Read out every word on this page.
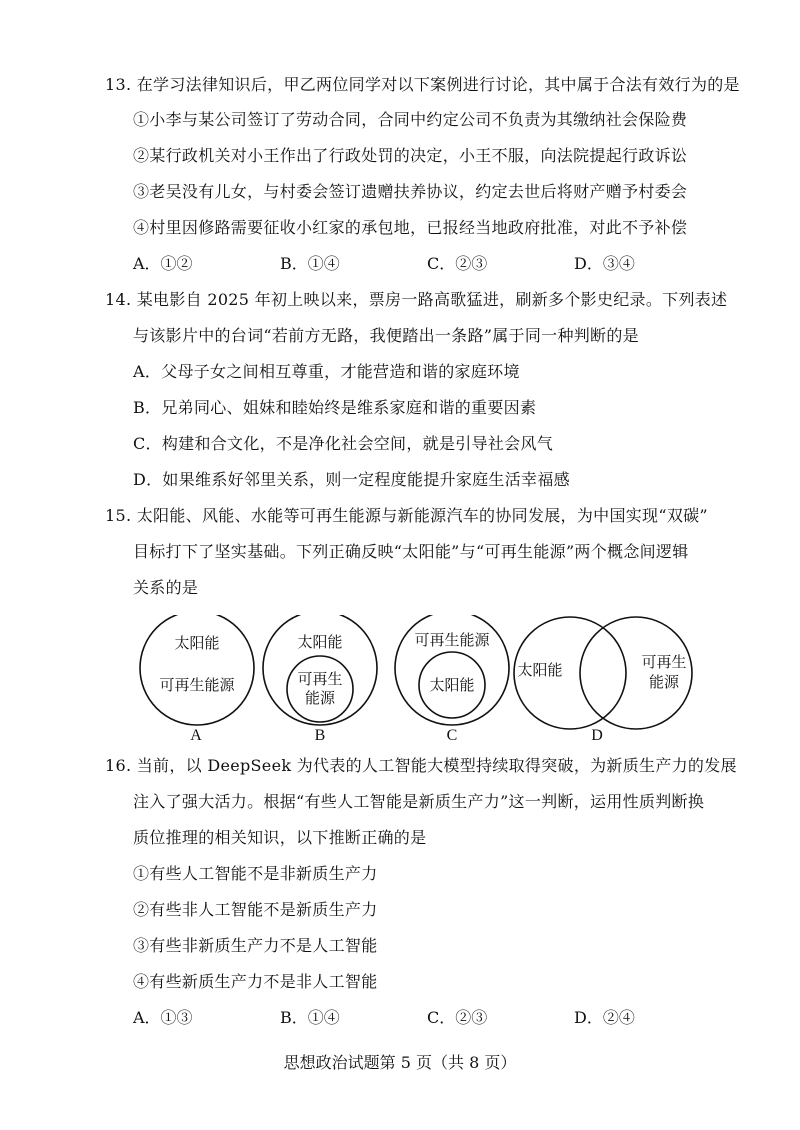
13. 在学习法律知识后，甲乙两位同学对以下案例进行讨论，其中属于合法有效行为的是
①小李与某公司签订了劳动合同，合同中约定公司不负责为其缴纳社会保险费
②某行政机关对小王作出了行政处罚的决定，小王不服，向法院提起行政诉讼
③老吴没有儿女，与村委会签订遗赠扶养协议，约定去世后将财产赠予村委会
④村里因修路需要征收小红家的承包地，已报经当地政府批准，对此不予补偿
A．①②	B．①④	C．②③	D．③④
14. 某电影自 2025 年初上映以来，票房一路高歌猛进，刷新多个影史纪录。下列表述
与该影片中的台词“若前方无路，我便踏出一条路”属于同一种判断的是
A．父母子女之间相互尊重，才能营造和谐的家庭环境
B．兄弟同心、姐妹和睦始终是维系家庭和谐的重要因素
C．构建和合文化，不是净化社会空间，就是引导社会风气
D．如果维系好邻里关系，则一定程度能提升家庭生活幸福感
15. 太阳能、风能、水能等可再生能源与新能源汽车的协同发展，为中国实现“双碳”
目标打下了坚实基础。下列正确反映“太阳能”与“可再生能源”两个概念间逻辑
关系的是
太阳能
可再生能源
A
太阳能
可再生
能源
B
可再生能源
太阳能
C
太阳能	可再生
能源
D
16. 当前，以 DeepSeek 为代表的人工智能大模型持续取得突破，为新质生产力的发展
注入了强大活力。根据“有些人工智能是新质生产力”这一判断，运用性质判断换
质位推理的相关知识，以下推断正确的是
①有些人工智能不是非新质生产力
②有些非人工智能不是新质生产力
③有些非新质生产力不是人工智能
④有些新质生产力不是非人工智能
A．①③	B．①④	C．②③	D．②④
思想政治试题第 5 页（共 8 页）
